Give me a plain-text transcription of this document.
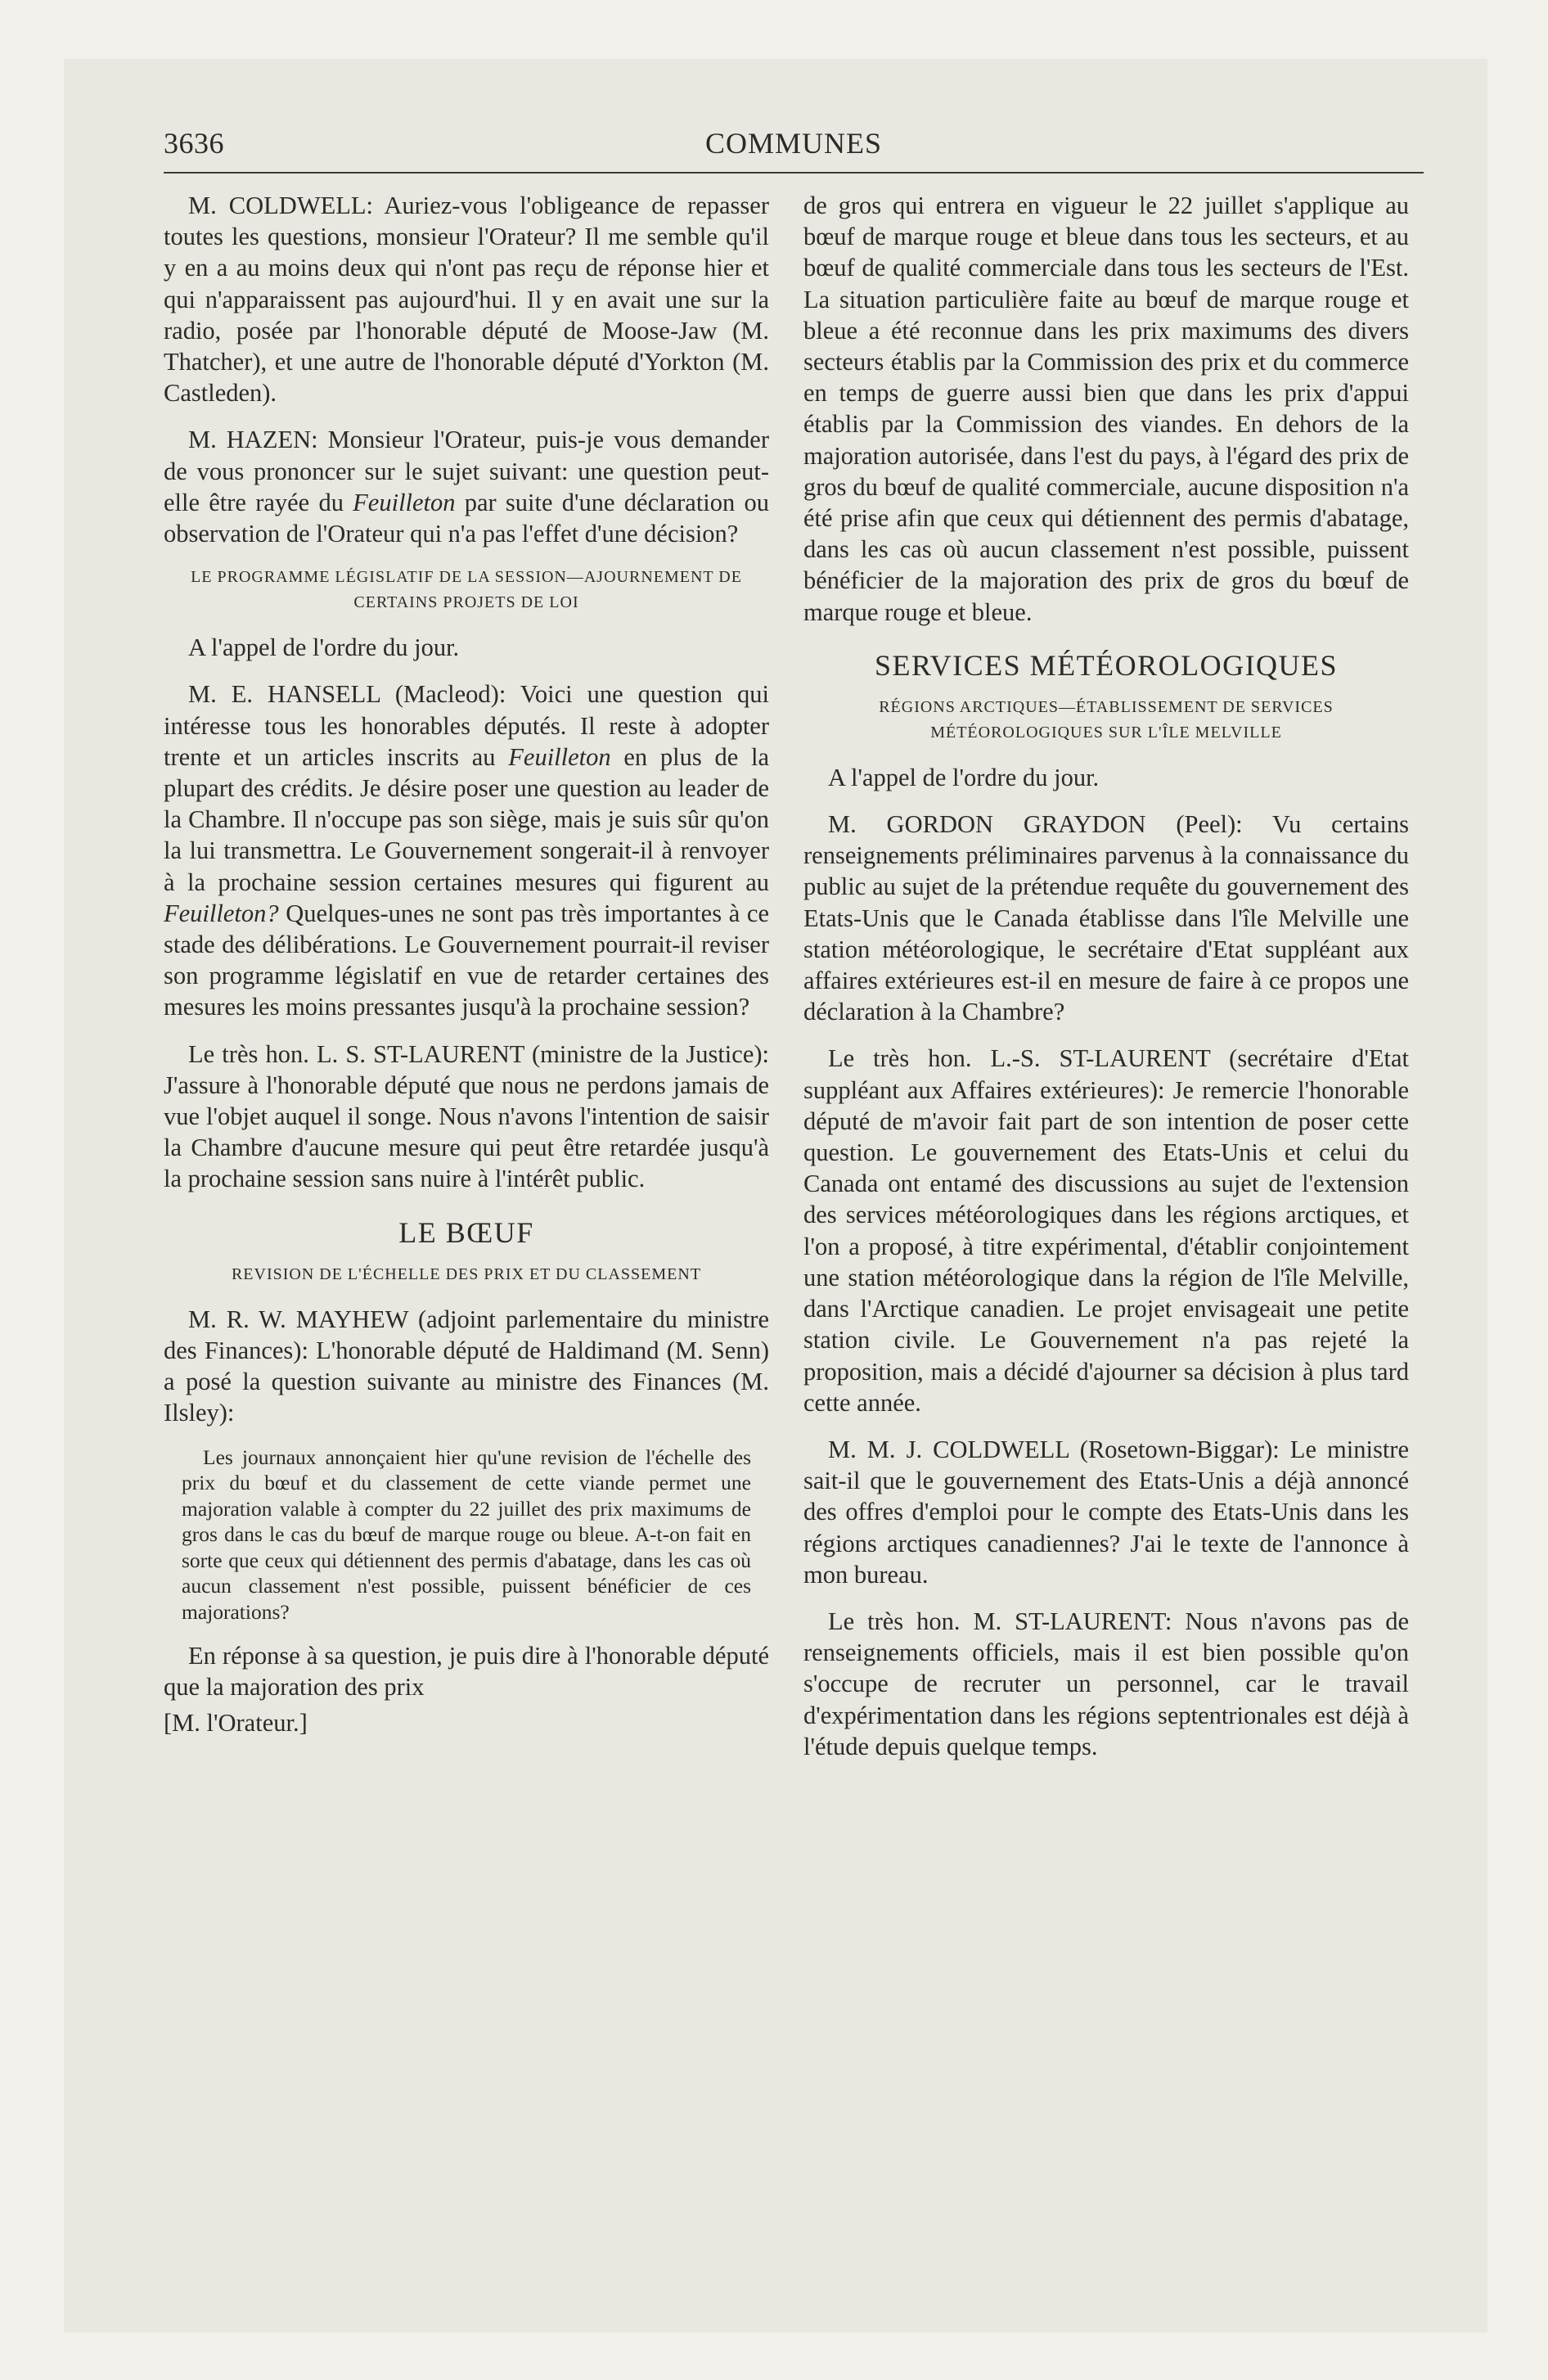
3636	COMMUNES

M. COLDWELL: Auriez-vous l'obligeance de repasser toutes les questions, monsieur l'Orateur? Il me semble qu'il y en a au moins deux qui n'ont pas reçu de réponse hier et qui n'apparaissent pas aujourd'hui. Il y en avait une sur la radio, posée par l'honorable député de Moose-Jaw (M. Thatcher), et une autre de l'honorable député d'Yorkton (M. Castleden).

M. HAZEN: Monsieur l'Orateur, puis-je vous demander de vous prononcer sur le sujet suivant: une question peut-elle être rayée du Feuilleton par suite d'une déclaration ou observation de l'Orateur qui n'a pas l'effet d'une décision?

LE PROGRAMME LÉGISLATIF DE LA SESSION—AJOURNEMENT DE CERTAINS PROJETS DE LOI

A l'appel de l'ordre du jour.

M. E. HANSELL (Macleod): Voici une question qui intéresse tous les honorables députés. Il reste à adopter trente et un articles inscrits au Feuilleton en plus de la plupart des crédits. Je désire poser une question au leader de la Chambre. Il n'occupe pas son siège, mais je suis sûr qu'on la lui transmettra. Le Gouvernement songerait-il à renvoyer à la prochaine session certaines mesures qui figurent au Feuilleton? Quelques-unes ne sont pas très importantes à ce stade des délibérations. Le Gouvernement pourrait-il reviser son programme législatif en vue de retarder certaines des mesures les moins pressantes jusqu'à la prochaine session?

Le très hon. L. S. ST-LAURENT (ministre de la Justice): J'assure à l'honorable député que nous ne perdons jamais de vue l'objet auquel il songe. Nous n'avons l'intention de saisir la Chambre d'aucune mesure qui peut être retardée jusqu'à la prochaine session sans nuire à l'intérêt public.

LE BŒUF
REVISION DE L'ÉCHELLE DES PRIX ET DU CLASSEMENT

M. R. W. MAYHEW (adjoint parlementaire du ministre des Finances): L'honorable député de Haldimand (M. Senn) a posé la question suivante au ministre des Finances (M. Ilsley):

Les journaux annonçaient hier qu'une revision de l'échelle des prix du bœuf et du classement de cette viande permet une majoration valable à compter du 22 juillet des prix maximums de gros dans le cas du bœuf de marque rouge ou bleue. A-t-on fait en sorte que ceux qui détiennent des permis d'abatage, dans les cas où aucun classement n'est possible, puissent bénéficier de ces majorations?

En réponse à sa question, je puis dire à l'honorable député que la majoration des prix

[M. l'Orateur.]

de gros qui entrera en vigueur le 22 juillet s'applique au bœuf de marque rouge et bleue dans tous les secteurs, et au bœuf de qualité commerciale dans tous les secteurs de l'Est. La situation particulière faite au bœuf de marque rouge et bleue a été reconnue dans les prix maximums des divers secteurs établis par la Commission des prix et du commerce en temps de guerre aussi bien que dans les prix d'appui établis par la Commission des viandes. En dehors de la majoration autorisée, dans l'est du pays, à l'égard des prix de gros du bœuf de qualité commerciale, aucune disposition n'a été prise afin que ceux qui détiennent des permis d'abatage, dans les cas où aucun classement n'est possible, puissent bénéficier de la majoration des prix de gros du bœuf de marque rouge et bleue.

SERVICES MÉTÉOROLOGIQUES
RÉGIONS ARCTIQUES—ÉTABLISSEMENT DE SERVICES MÉTÉOROLOGIQUES SUR L'ÎLE MELVILLE

A l'appel de l'ordre du jour.

M. GORDON GRAYDON (Peel): Vu certains renseignements préliminaires parvenus à la connaissance du public au sujet de la prétendue requête du gouvernement des Etats-Unis que le Canada établisse dans l'île Melville une station météorologique, le secrétaire d'Etat suppléant aux affaires extérieures est-il en mesure de faire à ce propos une déclaration à la Chambre?

Le très hon. L.-S. ST-LAURENT (secrétaire d'Etat suppléant aux Affaires extérieures): Je remercie l'honorable député de m'avoir fait part de son intention de poser cette question. Le gouvernement des Etats-Unis et celui du Canada ont entamé des discussions au sujet de l'extension des services météorologiques dans les régions arctiques, et l'on a proposé, à titre expérimental, d'établir conjointement une station météorologique dans la région de l'île Melville, dans l'Arctique canadien. Le projet envisageait une petite station civile. Le Gouvernement n'a pas rejeté la proposition, mais a décidé d'ajourner sa décision à plus tard cette année.

M. M. J. COLDWELL (Rosetown-Biggar): Le ministre sait-il que le gouvernement des Etats-Unis a déjà annoncé des offres d'emploi pour le compte des Etats-Unis dans les régions arctiques canadiennes? J'ai le texte de l'annonce à mon bureau.

Le très hon. M. ST-LAURENT: Nous n'avons pas de renseignements officiels, mais il est bien possible qu'on s'occupe de recruter un personnel, car le travail d'expérimentation dans les régions septentrionales est déjà à l'étude depuis quelque temps.
